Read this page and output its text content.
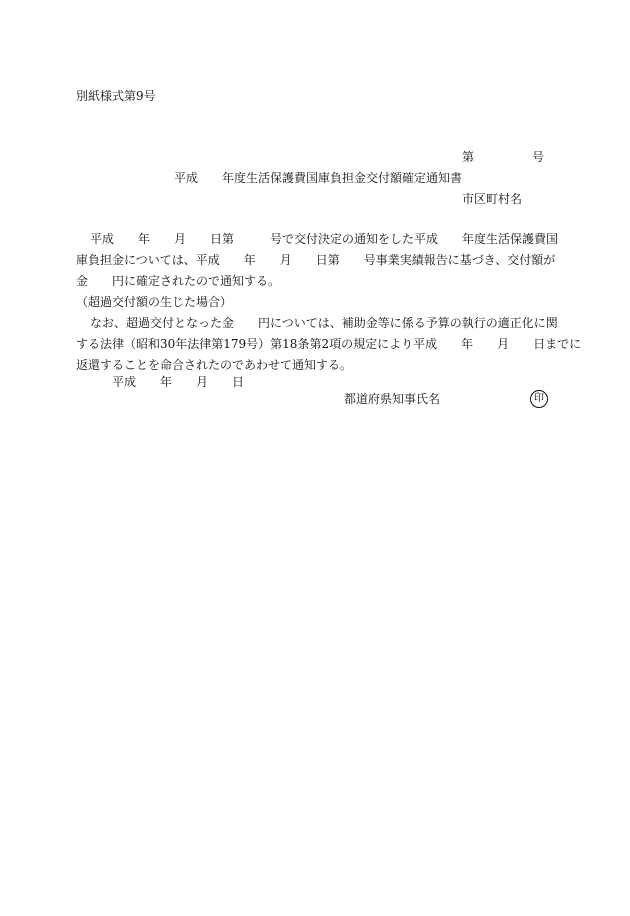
別紙様式第9号
第	号
平成　　年度生活保護費国庫負担金交付額確定通知書
市区町村名
平成　　年　　月　　日第　　　号で交付決定の通知をした平成　　年度生活保護費国
庫負担金については、平成　　年　　月　　日第　　号事業実績報告に基づき、交付額が
金　　円に確定されたので通知する。
（超過交付額の生じた場合）
なお、超過交付となった金　　円については、補助金等に係る予算の執行の適正化に関
する法律（昭和30年法律第179号）第18条第2項の規定により平成　　年　　月　　日までに
返還することを命合されたのであわせて通知する。
平成　　年　　月　　日
都道府県知事氏名	印
